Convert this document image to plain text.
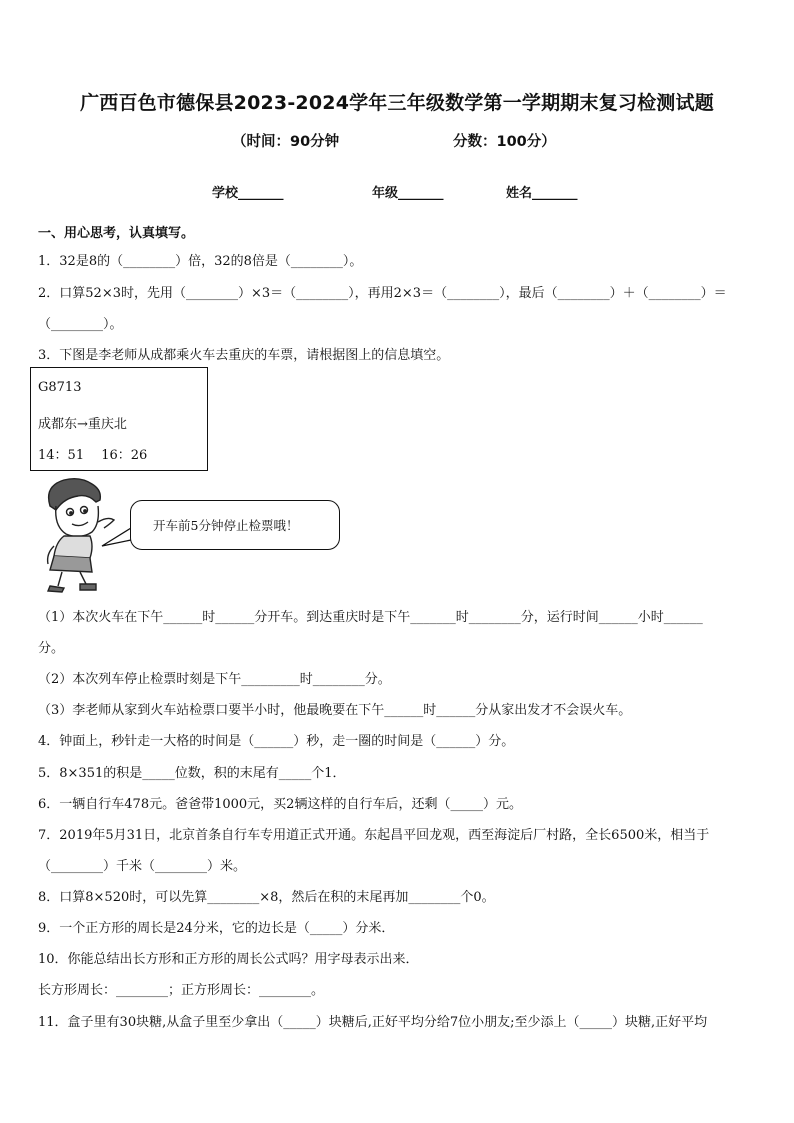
广西百色市德保县2023-2024学年三年级数学第一学期期末复习检测试题
（时间：90分钟	分数：100分）
学校_______	年级_______	姓名_______
一、用心思考，认真填写。
1．32是8的（________）倍，32的8倍是（________）。
2．口算52×3时，先用（________）×3＝（________），再用2×3＝（________），最后（________）＋（________）＝
（________）。
3．下图是李老师从成都乘火车去重庆的车票，请根据图上的信息填空。
G8713
成都东→重庆北
14：51　 16：26
开车前5分钟停止检票哦！
（1）本次火车在下午______时______分开车。到达重庆时是下午_______时________分，运行时间______小时______
分。
（2）本次列车停止检票时刻是下午_________时________分。
（3）李老师从家到火车站检票口要半小时，他最晚要在下午______时______分从家出发才不会误火车。
4．钟面上，秒针走一大格的时间是（______）秒，走一圈的时间是（______）分。
5．8×351的积是_____位数，积的末尾有_____个1．
6．一辆自行车478元。爸爸带1000元，买2辆这样的自行车后，还剩（_____）元。
7．2019年5月31日，北京首条自行车专用道正式开通。东起昌平回龙观，西至海淀后厂村路，全长6500米，相当于
（________）千米（________）米。
8．口算8×520时，可以先算________×8，然后在积的末尾再加________个0。
9．一个正方形的周长是24分米，它的边长是（_____）分米．
10．你能总结出长方形和正方形的周长公式吗？用字母表示出来．
长方形周长：________；正方形周长：________。
11．盒子里有30块糖,从盒子里至少拿出（_____）块糖后,正好平均分给7位小朋友;至少添上（_____）块糖,正好平均
